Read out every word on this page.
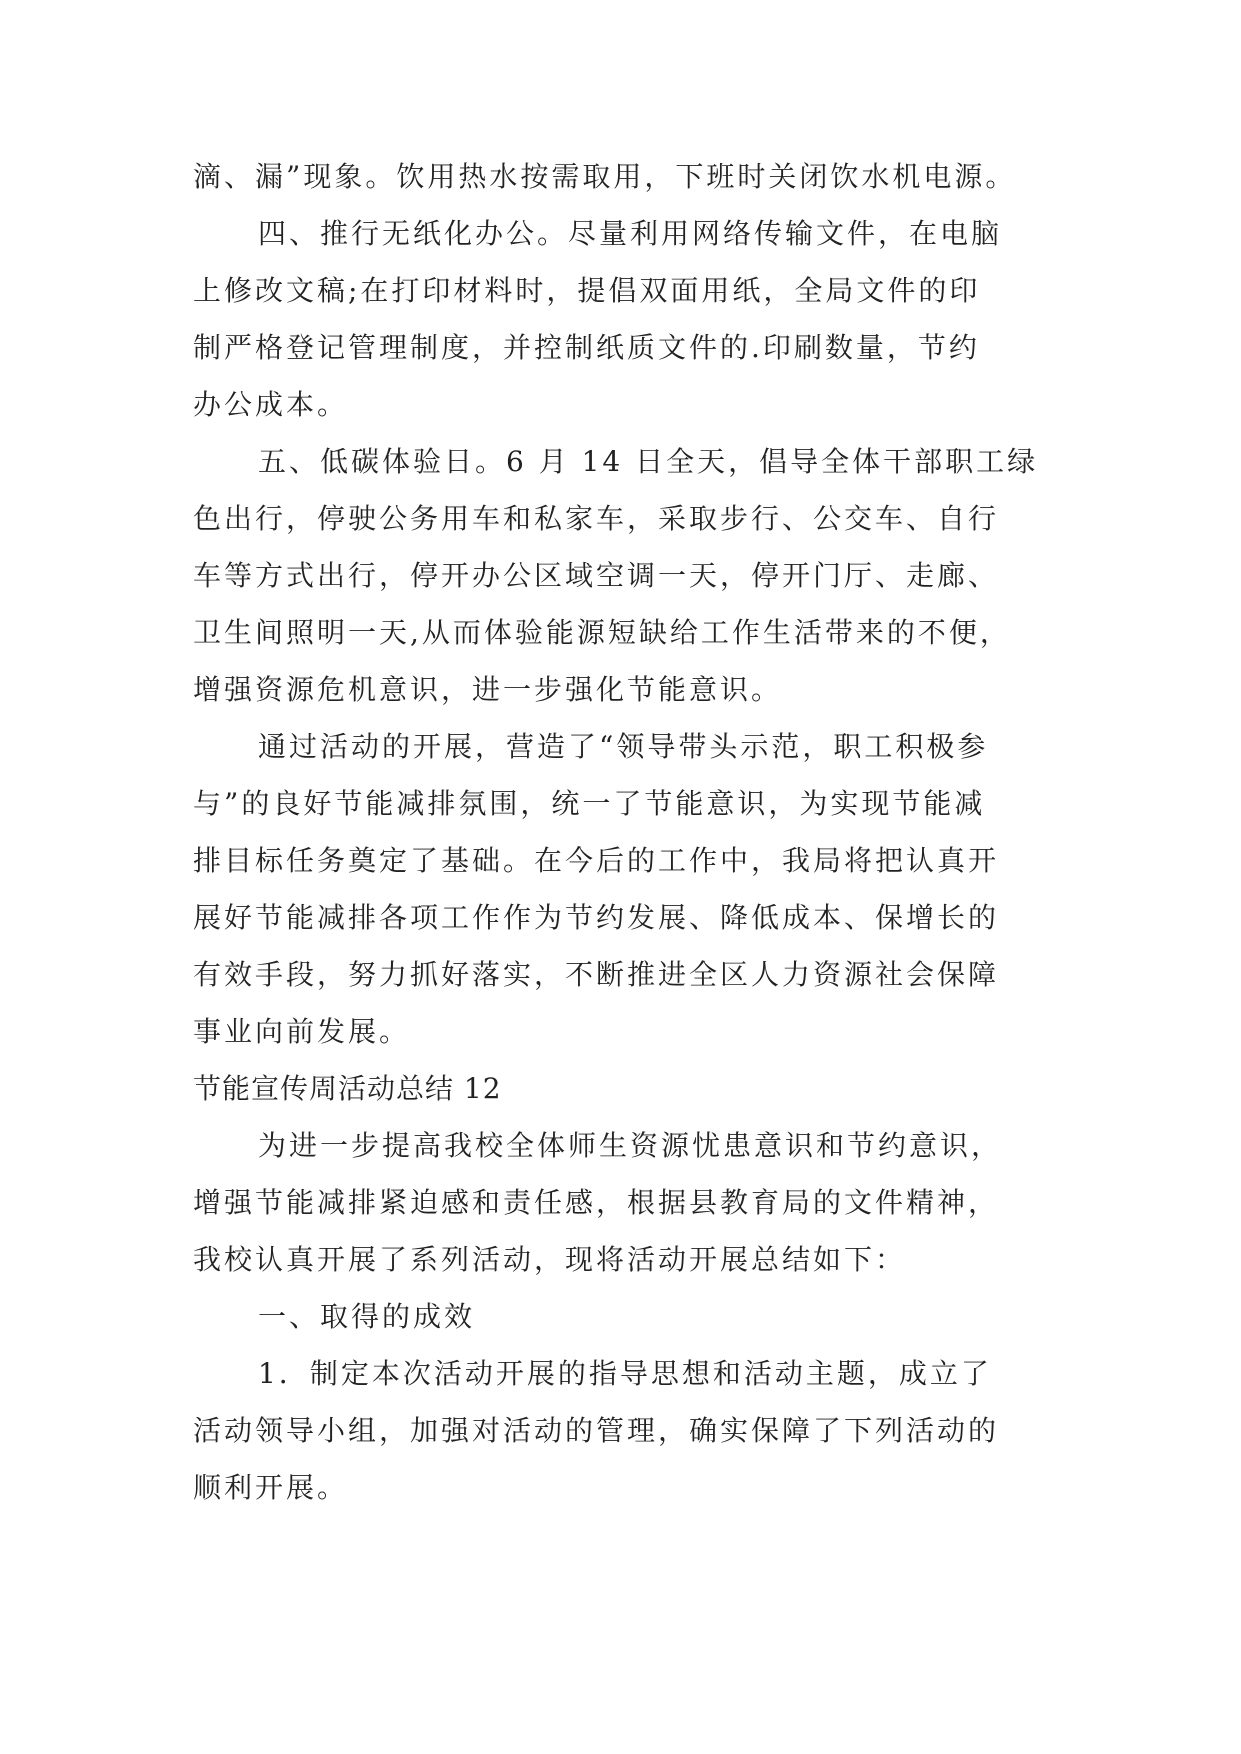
滴、漏”现象。饮用热水按需取用，下班时关闭饮水机电源。
四、推行无纸化办公。尽量利用网络传输文件，在电脑
上修改文稿;在打印材料时，提倡双面用纸，全局文件的印
制严格登记管理制度，并控制纸质文件的.印刷数量，节约
办公成本。
五、低碳体验日。6 月 14 日全天，倡导全体干部职工绿
色出行，停驶公务用车和私家车，采取步行、公交车、自行
车等方式出行，停开办公区域空调一天，停开门厅、走廊、
卫生间照明一天,从而体验能源短缺给工作生活带来的不便，
增强资源危机意识，进一步强化节能意识。
通过活动的开展，营造了“领导带头示范，职工积极参
与”的良好节能减排氛围，统一了节能意识，为实现节能减
排目标任务奠定了基础。在今后的工作中，我局将把认真开
展好节能减排各项工作作为节约发展、降低成本、保增长的
有效手段，努力抓好落实，不断推进全区人力资源社会保障
事业向前发展。
节能宣传周活动总结 12
为进一步提高我校全体师生资源忧患意识和节约意识，
增强节能减排紧迫感和责任感，根据县教育局的文件精神，
我校认真开展了系列活动，现将活动开展总结如下：
一、取得的成效
1．制定本次活动开展的指导思想和活动主题，成立了
活动领导小组，加强对活动的管理，确实保障了下列活动的
顺利开展。
